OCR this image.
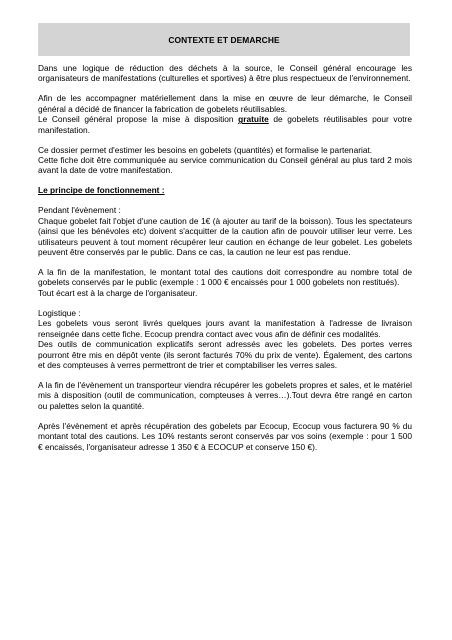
CONTEXTE ET DEMARCHE

Dans une logique de réduction des déchets à la source, le Conseil général encourage les organisateurs de manifestations (culturelles et sportives) à être plus respectueux de l'environnement.

Afin de les accompagner matériellement dans la mise en œuvre de leur démarche, le Conseil général a décidé de financer la fabrication de gobelets réutilisables.
Le Conseil général propose la mise à disposition gratuite de gobelets réutilisables pour votre manifestation.

Ce dossier permet d'estimer les besoins en gobelets (quantités) et formalise le partenariat.
Cette fiche doit être communiquée au service communication du Conseil général au plus tard 2 mois avant la date de votre manifestation.

Le principe de fonctionnement :

Pendant l'évènement :
Chaque gobelet fait l'objet d'une caution de 1€ (à ajouter au tarif de la boisson). Tous les spectateurs (ainsi que les bénévoles etc) doivent s'acquitter de la caution afin de pouvoir utiliser leur verre. Les utilisateurs peuvent à tout moment récupérer leur caution en échange de leur gobelet. Les gobelets peuvent être conservés par le public. Dans ce cas, la caution ne leur est pas rendue.

A la fin de la manifestation, le montant total des cautions doit correspondre au nombre total de gobelets conservés par le public (exemple : 1 000 € encaissés pour 1 000 gobelets non restitués).
Tout écart est à la charge de l'organisateur.

Logistique :
Les gobelets vous seront livrés quelques jours avant la manifestation à l'adresse de livraison renseignée dans cette fiche. Ecocup prendra contact avec vous afin de définir ces modalités.
Des outils de communication explicatifs seront adressés avec les gobelets. Des portes verres pourront être mis en dépôt vente (ils seront facturés 70% du prix de vente). Également, des cartons et des compteuses à verres permettront de trier et comptabiliser les verres sales.

A la fin de l'évènement un transporteur viendra récupérer les gobelets propres et sales, et le matériel mis à disposition (outil de communication, compteuses à verres…).Tout devra être rangé en carton ou palettes selon la quantité.

Après l'évènement et après récupération des gobelets par Ecocup, Ecocup vous facturera 90 % du montant total des cautions. Les 10% restants seront conservés par vos soins (exemple : pour 1 500 € encaissés, l'organisateur adresse 1 350 € à ECOCUP et conserve 150 €).
